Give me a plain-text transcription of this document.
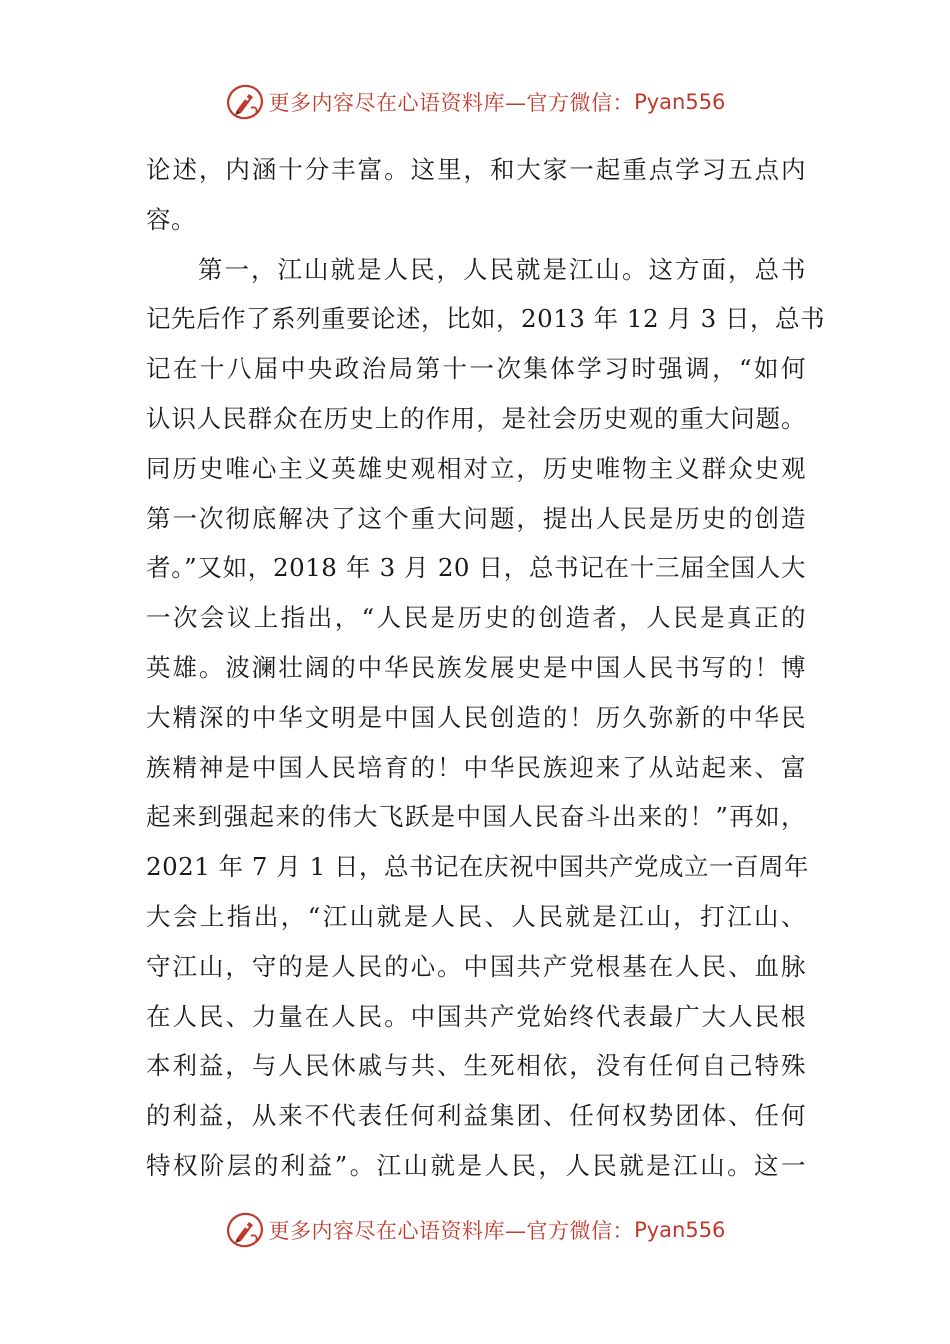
更多内容尽在心语资料库—官方微信： Pyan556
论述，内涵十分丰富。这里，和大家一起重点学习五点内
容。
第一，江山就是人民，人民就是江山。这方面，总书
记先后作了系列重要论述，比如，2013 年 12 月 3 日，总书
记在十八届中央政治局第十一次集体学习时强调，“如何
认识人民群众在历史上的作用，是社会历史观的重大问题。
同历史唯心主义英雄史观相对立，历史唯物主义群众史观
第一次彻底解决了这个重大问题，提出人民是历史的创造
者。”又如，2018 年 3 月 20 日，总书记在十三届全国人大
一次会议上指出，“人民是历史的创造者，人民是真正的
英雄。波澜壮阔的中华民族发展史是中国人民书写的！博
大精深的中华文明是中国人民创造的！历久弥新的中华民
族精神是中国人民培育的！中华民族迎来了从站起来、富
起来到强起来的伟大飞跃是中国人民奋斗出来的！”再如，
2021 年 7 月 1 日，总书记在庆祝中国共产党成立一百周年
大会上指出，“江山就是人民、人民就是江山，打江山、
守江山，守的是人民的心。中国共产党根基在人民、血脉
在人民、力量在人民。中国共产党始终代表最广大人民根
本利益，与人民休戚与共、生死相依，没有任何自己特殊
的利益，从来不代表任何利益集团、任何权势团体、任何
特权阶层的利益”。江山就是人民，人民就是江山。这一
更多内容尽在心语资料库—官方微信： Pyan556
